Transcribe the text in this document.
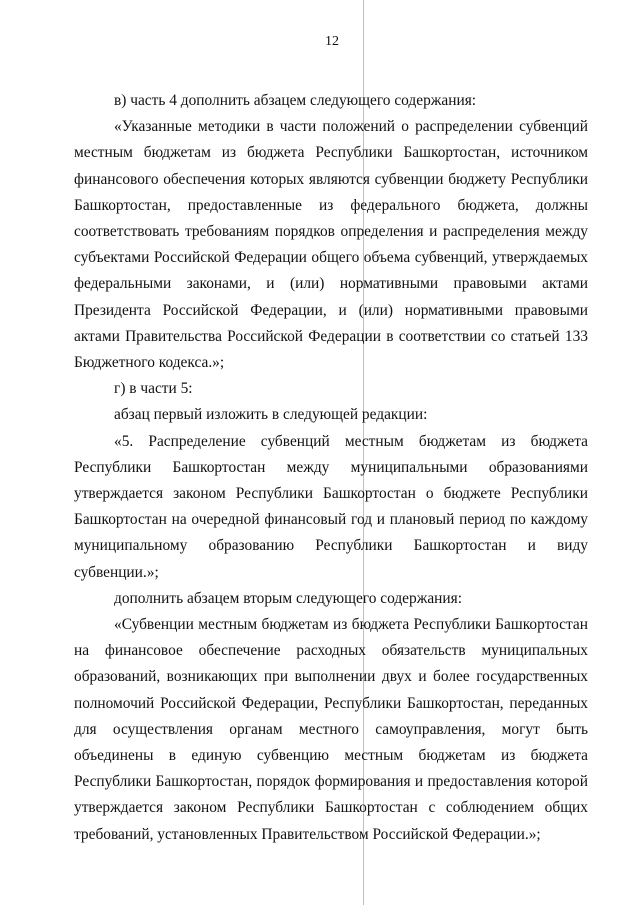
12

в) часть 4 дополнить абзацем следующего содержания:

«Указанные методики в части положений о распределении субвенций местным бюджетам из бюджета Республики Башкортостан, источником финансового обеспечения которых являются субвенции бюджету Республики Башкортостан, предоставленные из федерального бюджета, должны соответствовать требованиям порядков определения и распределения между субъектами Российской Федерации общего объема субвенций, утверждаемых федеральными законами, и (или) нормативными правовыми актами Президента Российской Федерации, и (или) нормативными правовыми актами Правительства Российской Федерации в соответствии со статьей 133 Бюджетного кодекса.»;

г) в части 5:

абзац первый изложить в следующей редакции:

«5. Распределение субвенций местным бюджетам из бюджета Республики Башкортостан между муниципальными образованиями утверждается законом Республики Башкортостан о бюджете Республики Башкортостан на очередной финансовый год и плановый период по каждому муниципальному образованию Республики Башкортостан и виду субвенции.»;

дополнить абзацем вторым следующего содержания:

«Субвенции местным бюджетам из бюджета Республики Башкортостан на финансовое обеспечение расходных обязательств муниципальных образований, возникающих при выполнении двух и более государственных полномочий Российской Федерации, Республики Башкортостан, переданных для осуществления органам местного самоуправления, могут быть объединены в единую субвенцию местным бюджетам из бюджета Республики Башкортостан, порядок формирования и предоставления которой утверждается законом Республики Башкортостан с соблюдением общих требований, установленных Правительством Российской Федерации.»;
